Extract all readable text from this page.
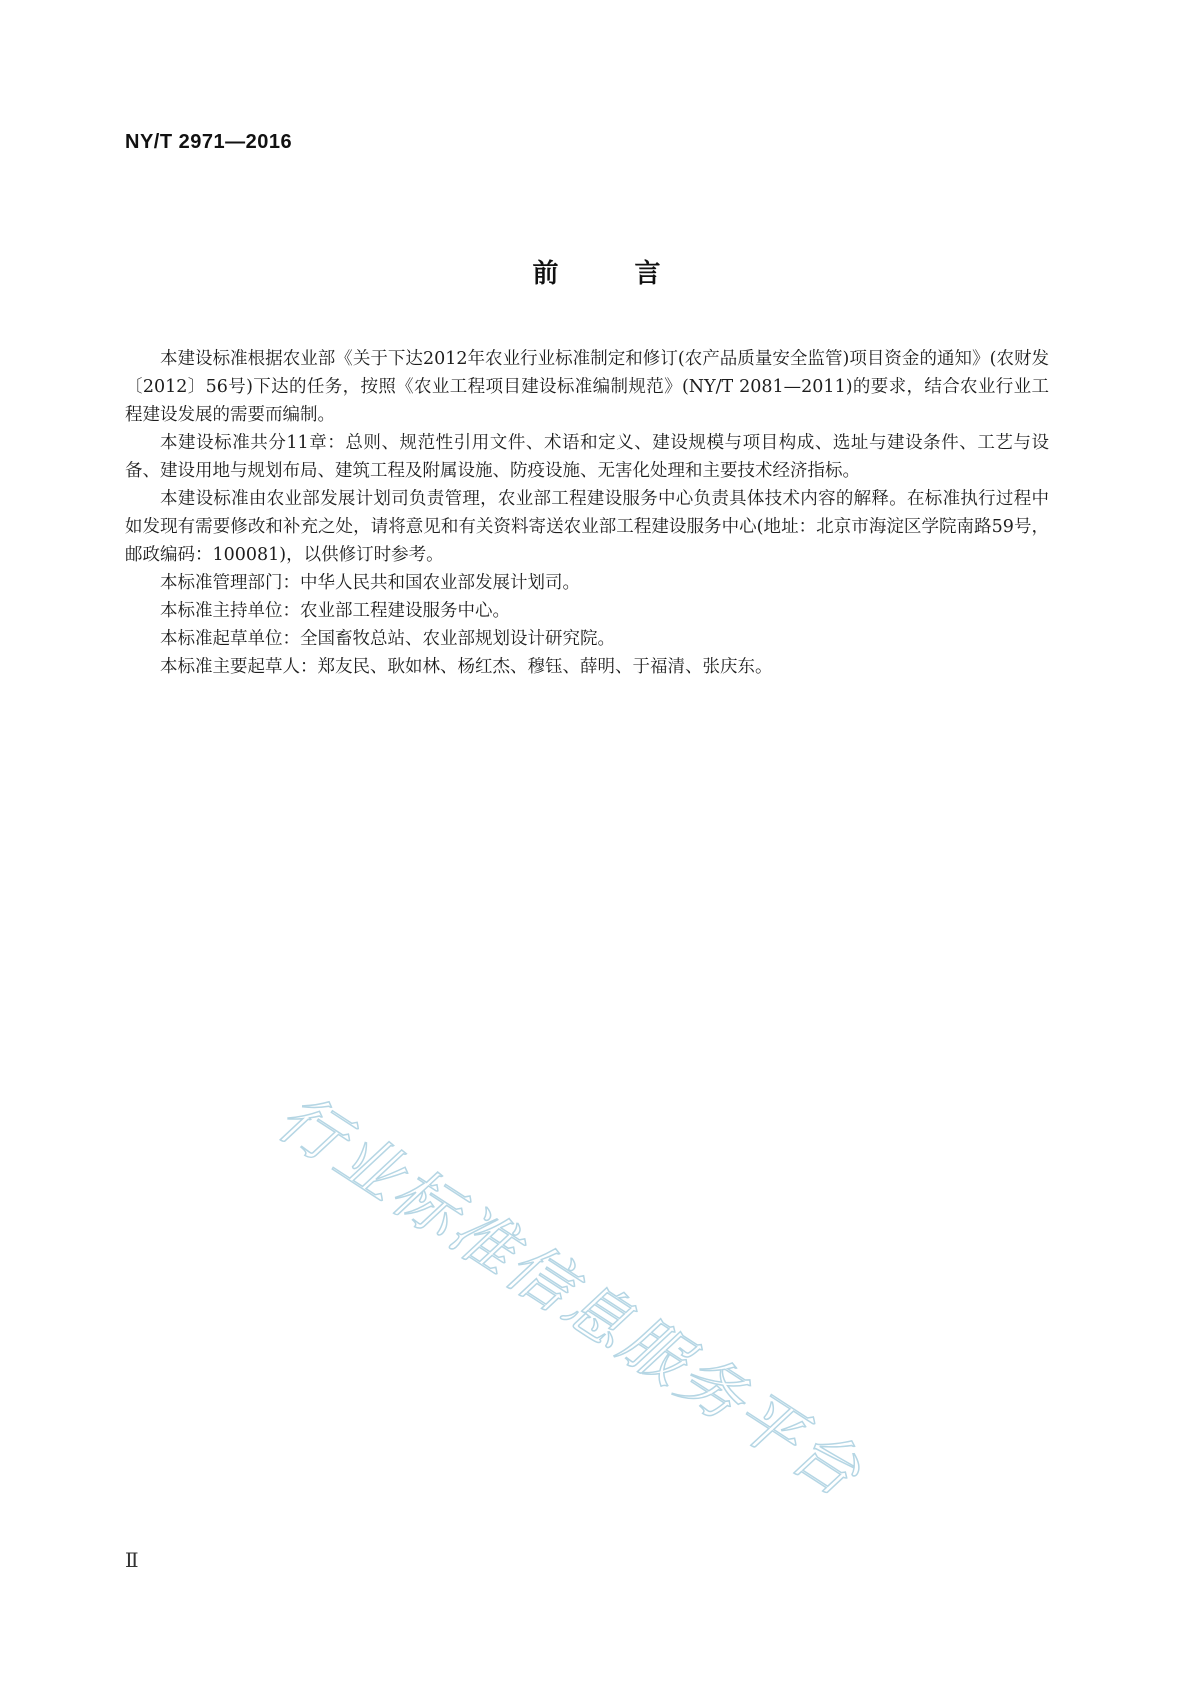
NY/T 2971—2016
前言

本建设标准根据农业部《关于下达2012年农业行业标准制定和修订(农产品质量安全监管)项目资金的通知》(农财发〔2012〕56号)下达的任务，按照《农业工程项目建设标准编制规范》(NY/T 2081—2011)的要求，结合农业行业工程建设发展的需要而编制。

本建设标准共分11章：总则、规范性引用文件、术语和定义、建设规模与项目构成、选址与建设条件、工艺与设备、建设用地与规划布局、建筑工程及附属设施、防疫设施、无害化处理和主要技术经济指标。

本建设标准由农业部发展计划司负责管理，农业部工程建设服务中心负责具体技术内容的解释。在标准执行过程中如发现有需要修改和补充之处，请将意见和有关资料寄送农业部工程建设服务中心(地址：北京市海淀区学院南路59号，邮政编码：100081)，以供修订时参考。

本标准管理部门：中华人民共和国农业部发展计划司。

本标准主持单位：农业部工程建设服务中心。

本标准起草单位：全国畜牧总站、农业部规划设计研究院。

本标准主要起草人：郑友民、耿如林、杨红杰、穆钰、薛明、于福清、张庆东。

行业标准信息服务平台
Ⅱ
